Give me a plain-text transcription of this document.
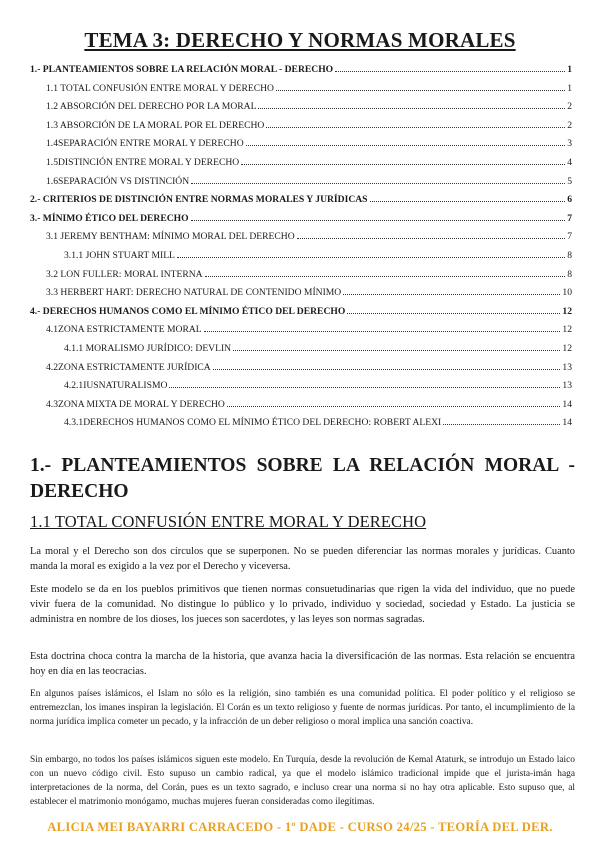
TEMA 3: DERECHO Y NORMAS MORALES
1.- PLANTEAMIENTOS SOBRE LA RELACIÓN MORAL - DERECHO	1
1.1 TOTAL CONFUSIÓN ENTRE MORAL Y DERECHO	1
1.2 ABSORCIÓN DEL DERECHO POR LA MORAL	2
1.3 ABSORCIÓN DE LA MORAL POR EL DERECHO	2
1.4SEPARACIÓN ENTRE MORAL Y DERECHO	3
1.5DISTINCIÓN ENTRE MORAL Y DERECHO	4
1.6SEPARACIÓN VS DISTINCIÓN	5
2.- CRITERIOS DE DISTINCIÓN ENTRE NORMAS MORALES Y JURÍDICAS	6
3.- MÍNIMO ÉTICO DEL DERECHO	7
3.1 JEREMY BENTHAM: MÍNIMO MORAL DEL DERECHO	7
3.1.1 JOHN STUART MILL	8
3.2 LON FULLER: MORAL INTERNA	8
3.3 HERBERT HART: DERECHO NATURAL DE CONTENIDO MÍNIMO	10
4.- DERECHOS HUMANOS COMO EL MÍNIMO ÉTICO DEL DERECHO	12
4.1ZONA ESTRICTAMENTE MORAL	12
4.1.1 MORALISMO JURÍDICO: DEVLIN	12
4.2ZONA ESTRICTAMENTE JURÍDICA	13
4.2.1IUSNATURALISMO	13
4.3ZONA MIXTA DE MORAL Y DERECHO	14
4.3.1DERECHOS HUMANOS COMO EL MÍNIMO ÉTICO DEL DERECHO: ROBERT ALEXI	14
1.- PLANTEAMIENTOS SOBRE LA RELACIÓN MORAL - DERECHO
1.1 TOTAL CONFUSIÓN ENTRE MORAL Y DERECHO

La moral y el Derecho son dos círculos que se superponen. No se pueden diferenciar las normas morales y jurídicas. Cuanto manda la moral es exigido a la vez por el Derecho y viceversa.

Este modelo se da en los pueblos primitivos que tienen normas consuetudinarias que rigen la vida del individuo, que no puede vivir fuera de la comunidad. No distingue lo público y lo privado, individuo y sociedad, sociedad y Estado. La justicia se administra en nombre de los dioses, los jueces son sacerdotes, y las leyes son normas sagradas.

Esta doctrina choca contra la marcha de la historia, que avanza hacia la diversificación de las normas. Esta relación se encuentra hoy en día en las teocracias.

En algunos países islámicos, el Islam no sólo es la religión, sino también es una comunidad política. El poder político y el religioso se entremezclan, los imanes inspiran la legislación. El Corán es un texto religioso y fuente de normas jurídicas. Por tanto, el incumplimiento de la norma jurídica implica cometer un pecado, y la infracción de un deber religioso o moral implica una sanción coactiva.

Sin embargo, no todos los países islámicos siguen este modelo. En Turquía, desde la revolución de Kemal Ataturk, se introdujo un Estado laico con un nuevo código civil. Esto supuso un cambio radical, ya que el modelo islámico tradicional impide que el jurista-imán haga interpretaciones de la norma, del Corán, pues es un texto sagrado, e incluso crear una norma si no hay otra aplicable. Esto supuso que, al establecer el matrimonio monógamo, muchas mujeres fueran consideradas como ilegítimas.

ALICIA MEI BAYARRI CARRACEDO - 1º DADE - CURSO 24/25 - TEORÍA DEL DER.
